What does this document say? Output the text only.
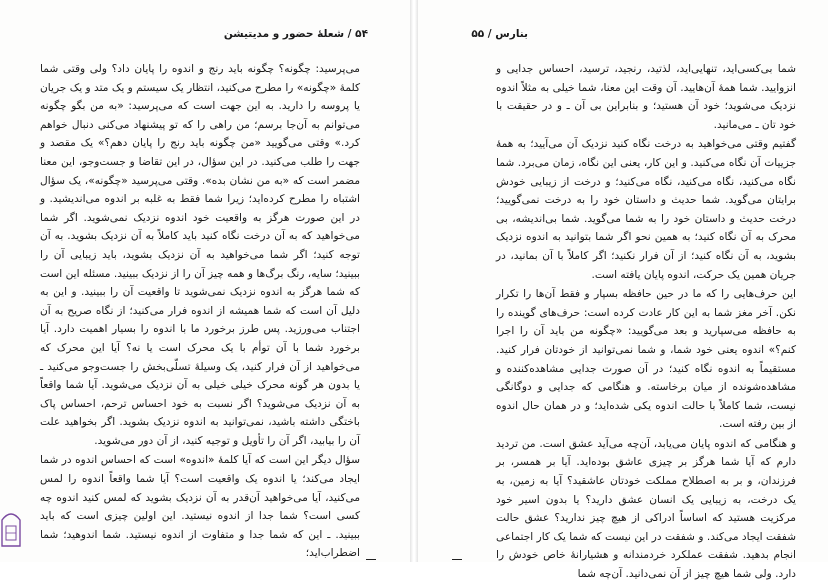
۵۴ / شعلهٔ حضور و مدیتیشن

می‌پرسید: چگونه؟ چگونه باید رنج و اندوه را پایان داد؟ ولی وقتی شما کلمهٔ «چگونه» را مطرح می‌کنید، انتظار یک سیستم و یک متد و یک جریان یا پروسه را دارید. به این جهت است که می‌پرسید: «به من بگو چگونه می‌توانم به آن‌جا برسم؛ من راهی را که تو پیشنهاد می‌کنی دنبال خواهم کرد.» وقتی می‌گویید «من چگونه باید رنج را پایان دهم؟» یک مقصد و جهت را طلب می‌کنید. در این سؤال، در این تقاضا و جست‌وجو، این معنا مضمر است که «به من نشان بده». وقتی می‌پرسید «چگونه»، یک سؤال اشتباه را مطرح کرده‌اید؛ زیرا شما فقط به غلبه بر اندوه می‌اندیشید. و در این صورت هرگز به واقعیت خود اندوه نزدیک نمی‌شوید. اگر شما می‌خواهید که به آن درخت نگاه کنید باید کاملاً به آن نزدیک بشوید. به آن توجه کنید؛ اگر شما می‌خواهید به آن نزدیک بشوید، باید زیبایی آن را ببینید؛ سایه، رنگ برگ‌ها و همه چیز آن را از نزدیک ببینید. مسئله این است که شما هرگز به اندوه نزدیک نمی‌شوید تا واقعیت آن را ببینید. و این به دلیل آن است که شما همیشه از اندوه فرار می‌کنید؛ از نگاه صریح به آن اجتناب می‌ورزید. پس طرز برخورد ما با اندوه را بسیار اهمیت دارد. آیا برخورد شما با آن توأم با یک محرک است یا نه؟ آیا این محرک که می‌خواهید از آن فرار کنید، یک وسیلهٔ تسلّی‌بخش را جست‌وجو می‌کنید ـ یا بدون هر گونه محرک خیلی خیلی به آن نزدیک می‌شوید. آیا شما واقعاً به آن نزدیک می‌شوید؟ اگر نسبت به خود احساس ترحم، احساس پاک باختگی داشته باشید، نمی‌توانید به اندوه نزدیک بشوید. اگر بخواهید علت آن را بیابید، اگر آن را تأویل و توجیه کنید، از آن دور می‌شوید.

سؤال دیگر این است که آیا کلمهٔ «اندوه» است که احساس اندوه در شما ایجاد می‌کند؛ یا اندوه یک واقعیت است؟ آیا شما واقعاً اندوه را لمس می‌کنید، آیا می‌خواهید آن‌قدر به آن نزدیک بشوید که لمس کنید اندوه چه کسی است؟ شما جدا از اندوه نیستید. این اولین چیزی است که باید ببینید. ـ این که شما جدا و متفاوت از اندوه نیستید. شما اندوهید؛ شما اضطراب‌اید؛

بنارس / ۵۵

شما بی‌کسی‌اید، تنهایی‌اید، لذتید، رنجید، ترسید، احساس جدایی و انزوایید. شما همهٔ آن‌هایید. آن وقت این معنا، شما خیلی به مثلاً اندوه نزدیک می‌شوید؛ خود آن هستید؛ و بنابراین بی‌ آن ـ و در حقیقت با خود تان ـ می‌مانید.

گفتیم وقتی می‌خواهید به درخت نگاه کنید نزدیک آن می‌آیید؛ به همهٔ جزییات آن نگاه می‌کنید. و این کار، یعنی این نگاه، زمان می‌برد. شما نگاه می‌کنید، نگاه می‌کنید، نگاه می‌کنید؛ و درخت از زیبایی خودش برایتان می‌گوید. شما حدیث و داستان خود را به درخت نمی‌گویید؛ درخت حدیث و داستان خود را به شما می‌گوید. شما بی‌اندیشه، بی‌ محرک به آن نگاه کنید؛ به همین نحو اگر شما بتوانید به اندوه نزدیک بشوید، به آن نگاه کنید؛ از آن فرار نکنید؛ اگر کاملاً با آن بمانید، در جریان همین یک حرکت، اندوه پایان یافته است.

این حرف‌هایی را که ما در حین حافظه بسپار و فقط آن‌ها را تکرار نکن. آخر مغز شما به این کار عادت کرده است: حرف‌های گوینده را به حافظه می‌سپارید و بعد می‌گویید: «چگونه من باید آن را اجرا کنم؟» اندوه یعنی خود شما، و شما نمی‌توانید از خودتان فرار کنید. مستقیماً به اندوه نگاه کنید؛ در آن صورت جدایی مشاهده‌کننده و مشاهده‌شونده از میان برخاسته. و هنگامی که جدایی و دوگانگی نیست، شما کاملاً با حالت اندوه یکی شده‌اید؛ و در همان حال اندوه از بین رفته است.

و هنگامی که اندوه پایان می‌یابد، آن‌چه می‌آید عشق است. من تردید دارم که آیا شما هرگز بر چیزی عاشق بوده‌اید. آیا بر همسر، بر فرزندان، و بر به اصطلاح مملکت خودتان عاشقید؟ آیا به زمین، به یک درخت، به زیبایی یک انسان عشق دارید؟ یا بدون اسیر خود مرکزیت هستید که اساساً ادراکی از هیچ چیز ندارید؟ عشق حالت شفقت ایجاد می‌کند. و شفقت در این نیست که شما یک کار اجتماعی انجام بدهید. شفقت عملکرد خردمندانه و هشیارانهٔ خاص خودش را دارد. ولی شما هیچ چیز از آن نمی‌دانید. آن‌چه شما
